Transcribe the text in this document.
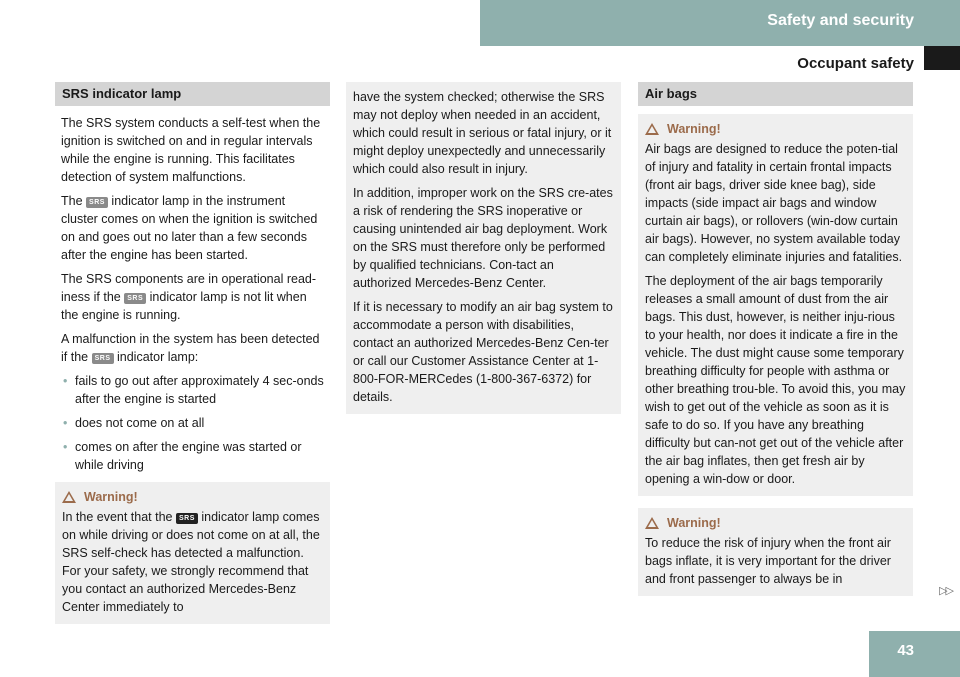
Safety and security
Occupant safety
SRS indicator lamp

The SRS system conducts a self-test when the ignition is switched on and in regular intervals while the engine is running. This facilitates detection of system malfunctions.

The SRS indicator lamp in the instrument cluster comes on when the ignition is switched on and goes out no later than a few seconds after the engine has been started.

The SRS components are in operational read-iness if the SRS indicator lamp is not lit when the engine is running.

A malfunction in the system has been detected if the SRS indicator lamp:

• fails to go out after approximately 4 sec-onds after the engine is started
• does not come on at all
• comes on after the engine was started or while driving
Warning!

In the event that the SRS indicator lamp comes on while driving or does not come on at all, the SRS self-check has detected a malfunction. For your safety, we strongly recommend that you contact an authorized Mercedes-Benz Center immediately to

have the system checked; otherwise the SRS may not deploy when needed in an accident, which could result in serious or fatal injury, or it might deploy unexpectedly and unnecessarily which could also result in injury.

In addition, improper work on the SRS cre-ates a risk of rendering the SRS inoperative or causing unintended air bag deployment. Work on the SRS must therefore only be performed by qualified technicians. Con-tact an authorized Mercedes-Benz Center.

If it is necessary to modify an air bag system to accommodate a person with disabilities, contact an authorized Mercedes-Benz Cen-ter or call our Customer Assistance Center at 1-800-FOR-MERCedes (1-800-367-6372) for details.

Air bags
Warning!

Air bags are designed to reduce the poten-tial of injury and fatality in certain frontal impacts (front air bags, driver side knee bag), side impacts (side impact air bags and window curtain air bags), or rollovers (win-dow curtain air bags). However, no system available today can completely eliminate injuries and fatalities.

The deployment of the air bags temporarily releases a small amount of dust from the air bags. This dust, however, is neither inju-rious to your health, nor does it indicate a fire in the vehicle. The dust might cause some temporary breathing difficulty for people with asthma or other breathing trou-ble. To avoid this, you may wish to get out of the vehicle as soon as it is safe to do so. If you have any breathing difficulty but can-not get out of the vehicle after the air bag inflates, then get fresh air by opening a win-dow or door.

Warning!

To reduce the risk of injury when the front air bags inflate, it is very important for the driver and front passenger to always be in

▷▷
43
